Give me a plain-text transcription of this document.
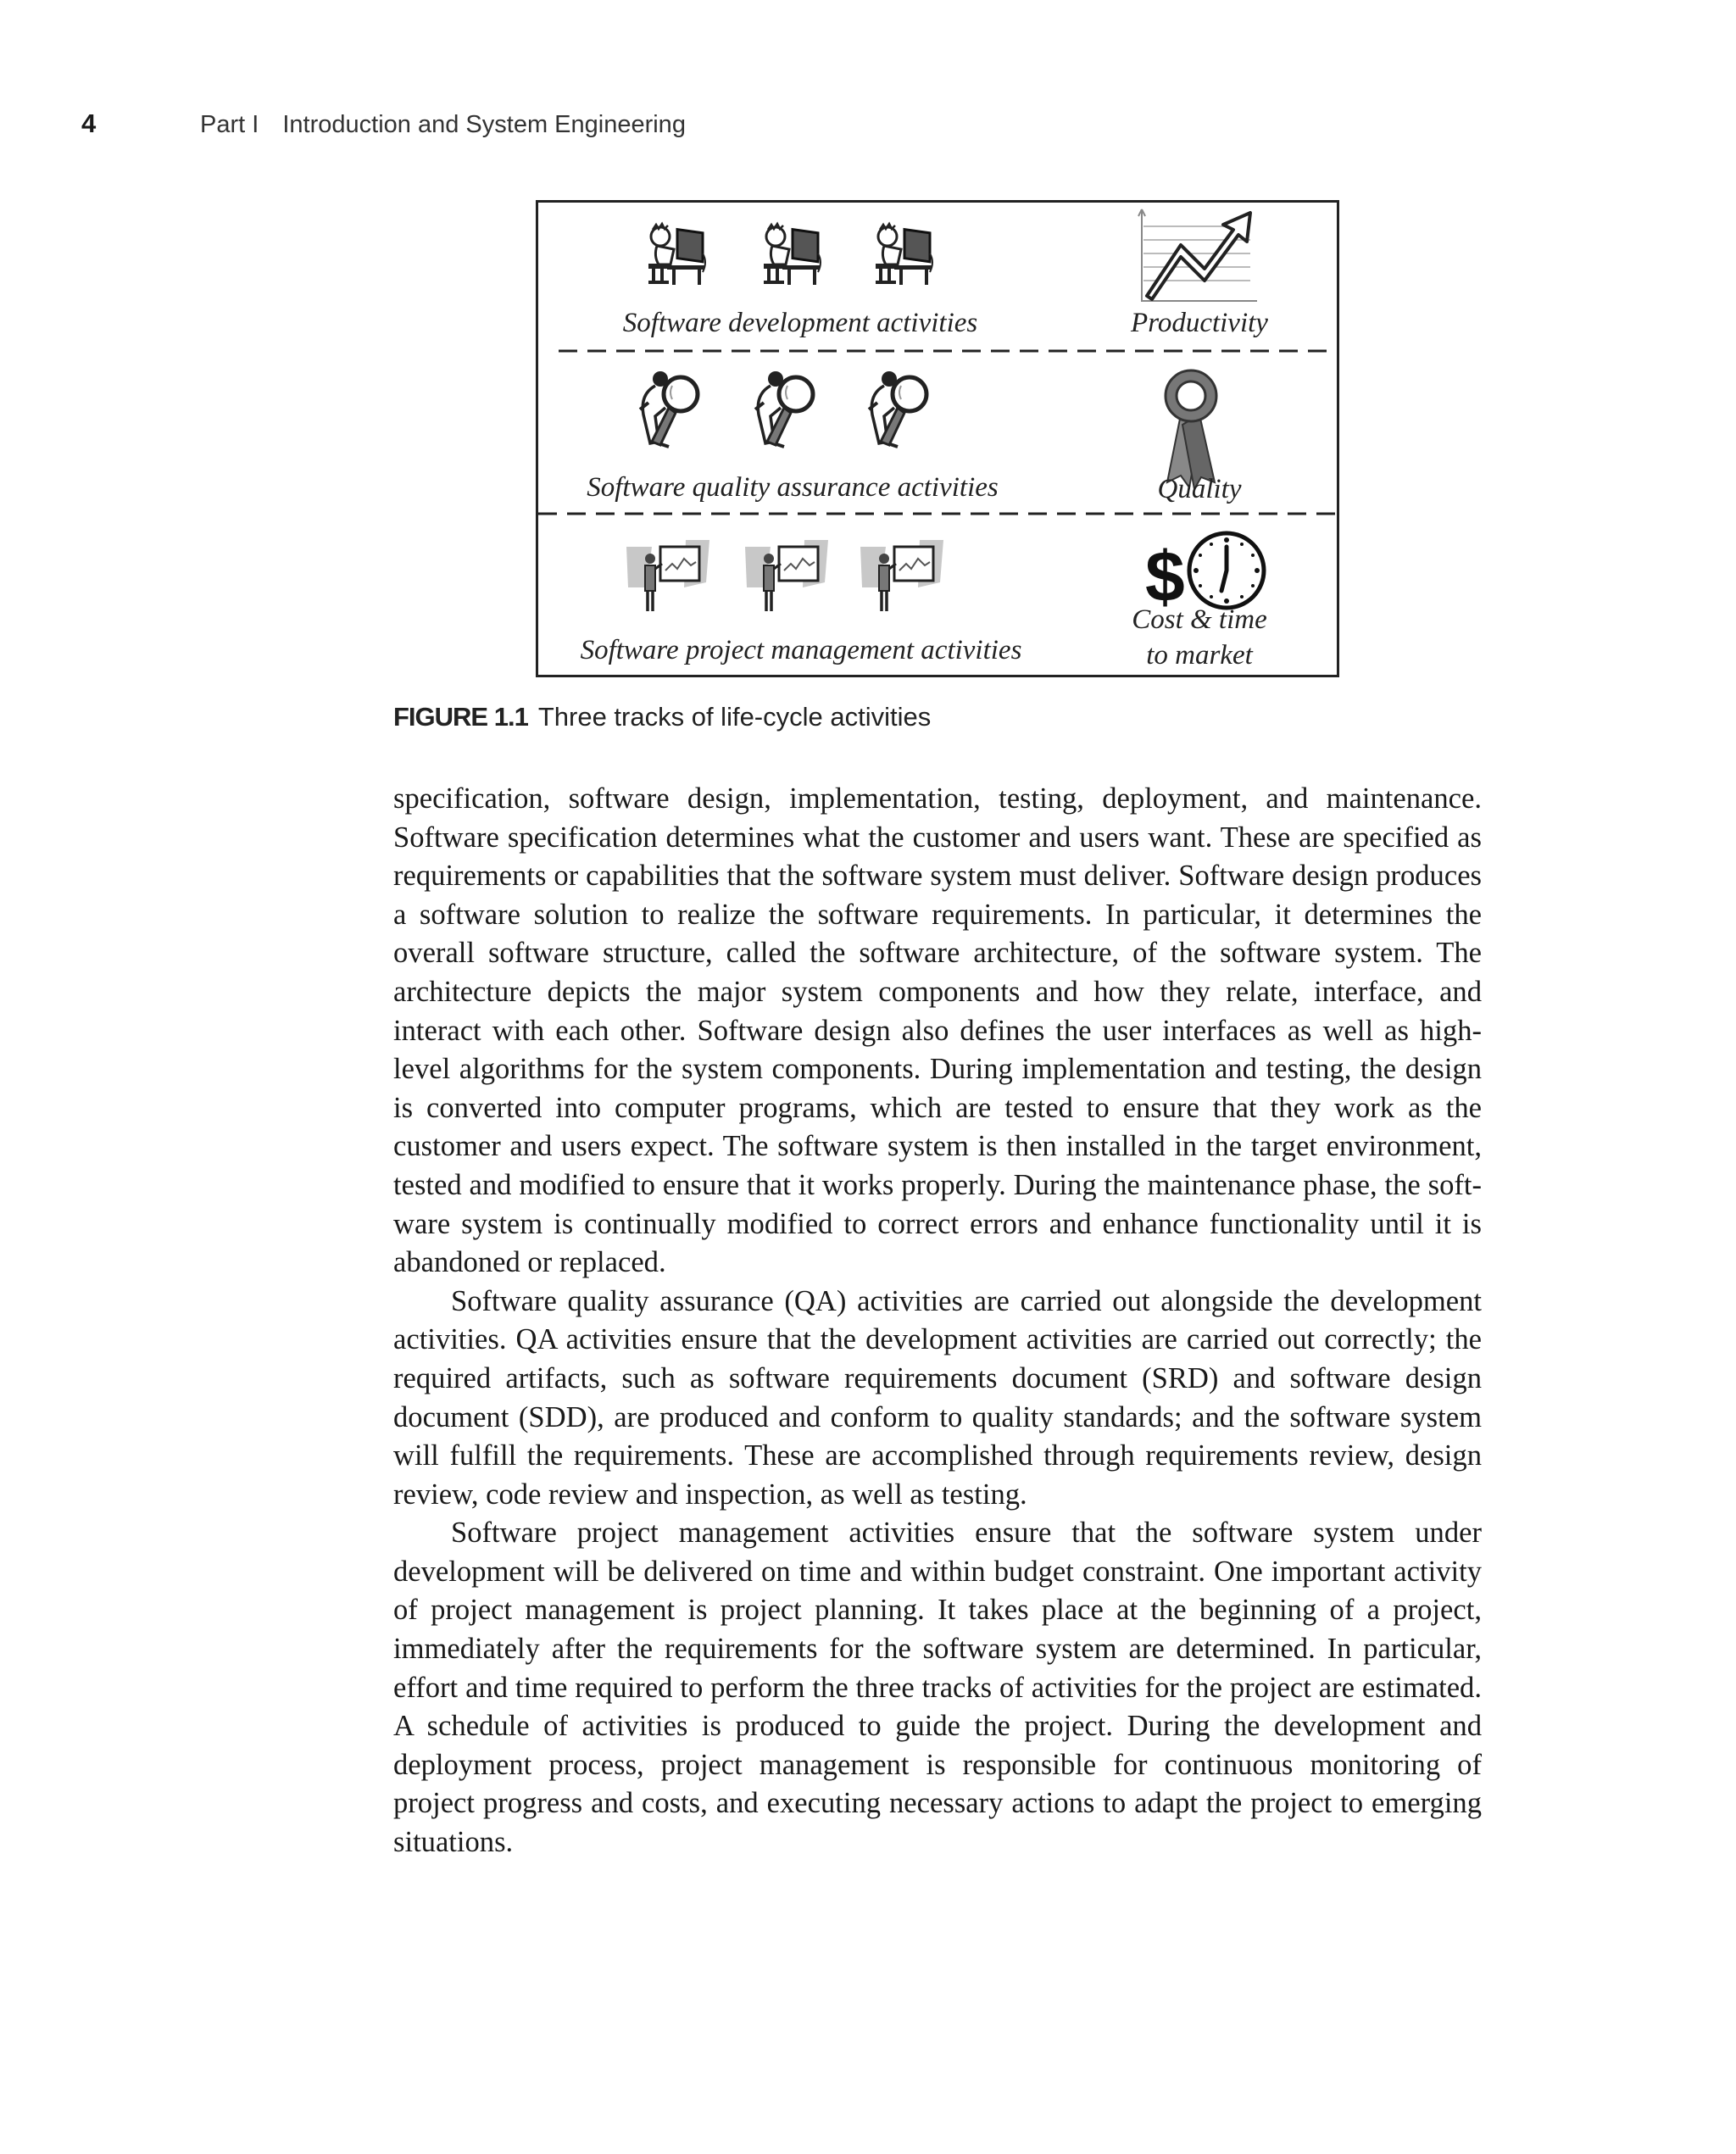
4	Part I Introduction and System Engineering
$
Software development activities	Productivity
Software quality assurance activities	Quality
Software project management activities
Cost & time
to market
FIGURE 1.1 Three tracks of life-cycle activities

specification, software design, implementation, testing, deployment, and maintenance. Software specification determines what the customer and users want. These are specified as requirements or capabilities that the software system must deliver. Software design produces a software solution to realize the software requirements. In particular, it determines the overall software structure, called the software architecture, of the software system. The architecture depicts the major system components and how they relate, interface, and interact with each other. Software design also defines the user interfaces as well as high-level algorithms for the system components. During implementation and testing, the design is converted into computer programs, which are tested to ensure that they work as the customer and users expect. The software system is then installed in the target environment, tested and modified to ensure that it works properly. During the maintenance phase, the software system is continually modified to correct errors and enhance functionality until it is abandoned or replaced.

Software quality assurance (QA) activities are carried out alongside the development activities. QA activities ensure that the development activities are carried out correctly; the required artifacts, such as software requirements document (SRD) and software design document (SDD), are produced and conform to quality standards; and the software system will fulfill the requirements. These are accomplished through requirements review, design review, code review and inspection, as well as testing.

Software project management activities ensure that the software system under development will be delivered on time and within budget constraint. One important activity of project management is project planning. It takes place at the beginning of a project, immediately after the requirements for the software system are determined. In particular, effort and time required to perform the three tracks of activities for the project are estimated. A schedule of activities is produced to guide the project. During the development and deployment process, project management is responsible for continuous monitoring of project progress and costs, and executing necessary actions to adapt the project to emerging situations.
